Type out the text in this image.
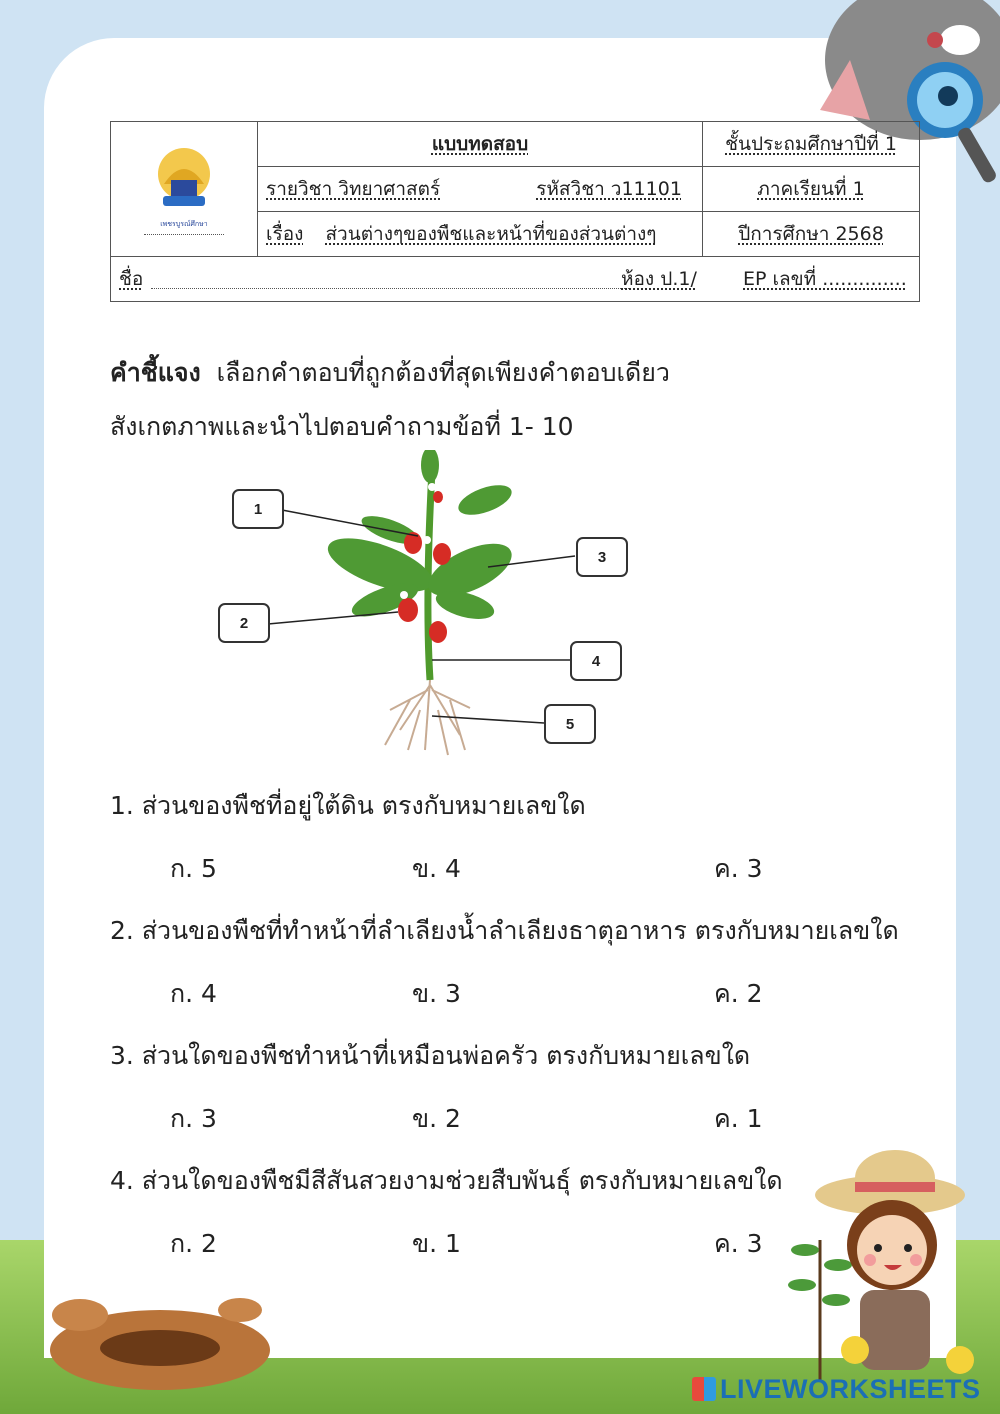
เพชรบูรณ์ศึกษา	แบบทดสอบ	ชั้นประถมศึกษาปีที่ 1
	รายวิชา วิทยาศาสตร์ รหัสวิชา ว11101	ภาคเรียนที่ 1
	เรื่อง ส่วนต่างๆของพืชและหน้าที่ของส่วนต่างๆ	ปีการศึกษา 2568
ชื่อ ห้อง ป.1/ EP เลขที่ ..............		
คำชี้แจง เลือกคำตอบที่ถูกต้องที่สุดเพียงคำตอบเดียว
สังเกตภาพและนำไปตอบคำถามข้อที่ 1- 10
1
2
3
4
5
1. ส่วนของพืชที่อยู่ใต้ดิน ตรงกับหมายเลขใด
ก. 5	ข. 4	ค. 3
2. ส่วนของพืชที่ทำหน้าที่ลำเลียงน้ำลำเลียงธาตุอาหาร ตรงกับหมายเลขใด
ก. 4	ข. 3	ค. 2
3. ส่วนใดของพืชทำหน้าที่เหมือนพ่อครัว ตรงกับหมายเลขใด
ก. 3	ข. 2	ค. 1
4. ส่วนใดของพืชมีสีสันสวยงามช่วยสืบพันธุ์ ตรงกับหมายเลขใด
ก. 2	ข. 1	ค. 3
LIVEWORKSHEETS
